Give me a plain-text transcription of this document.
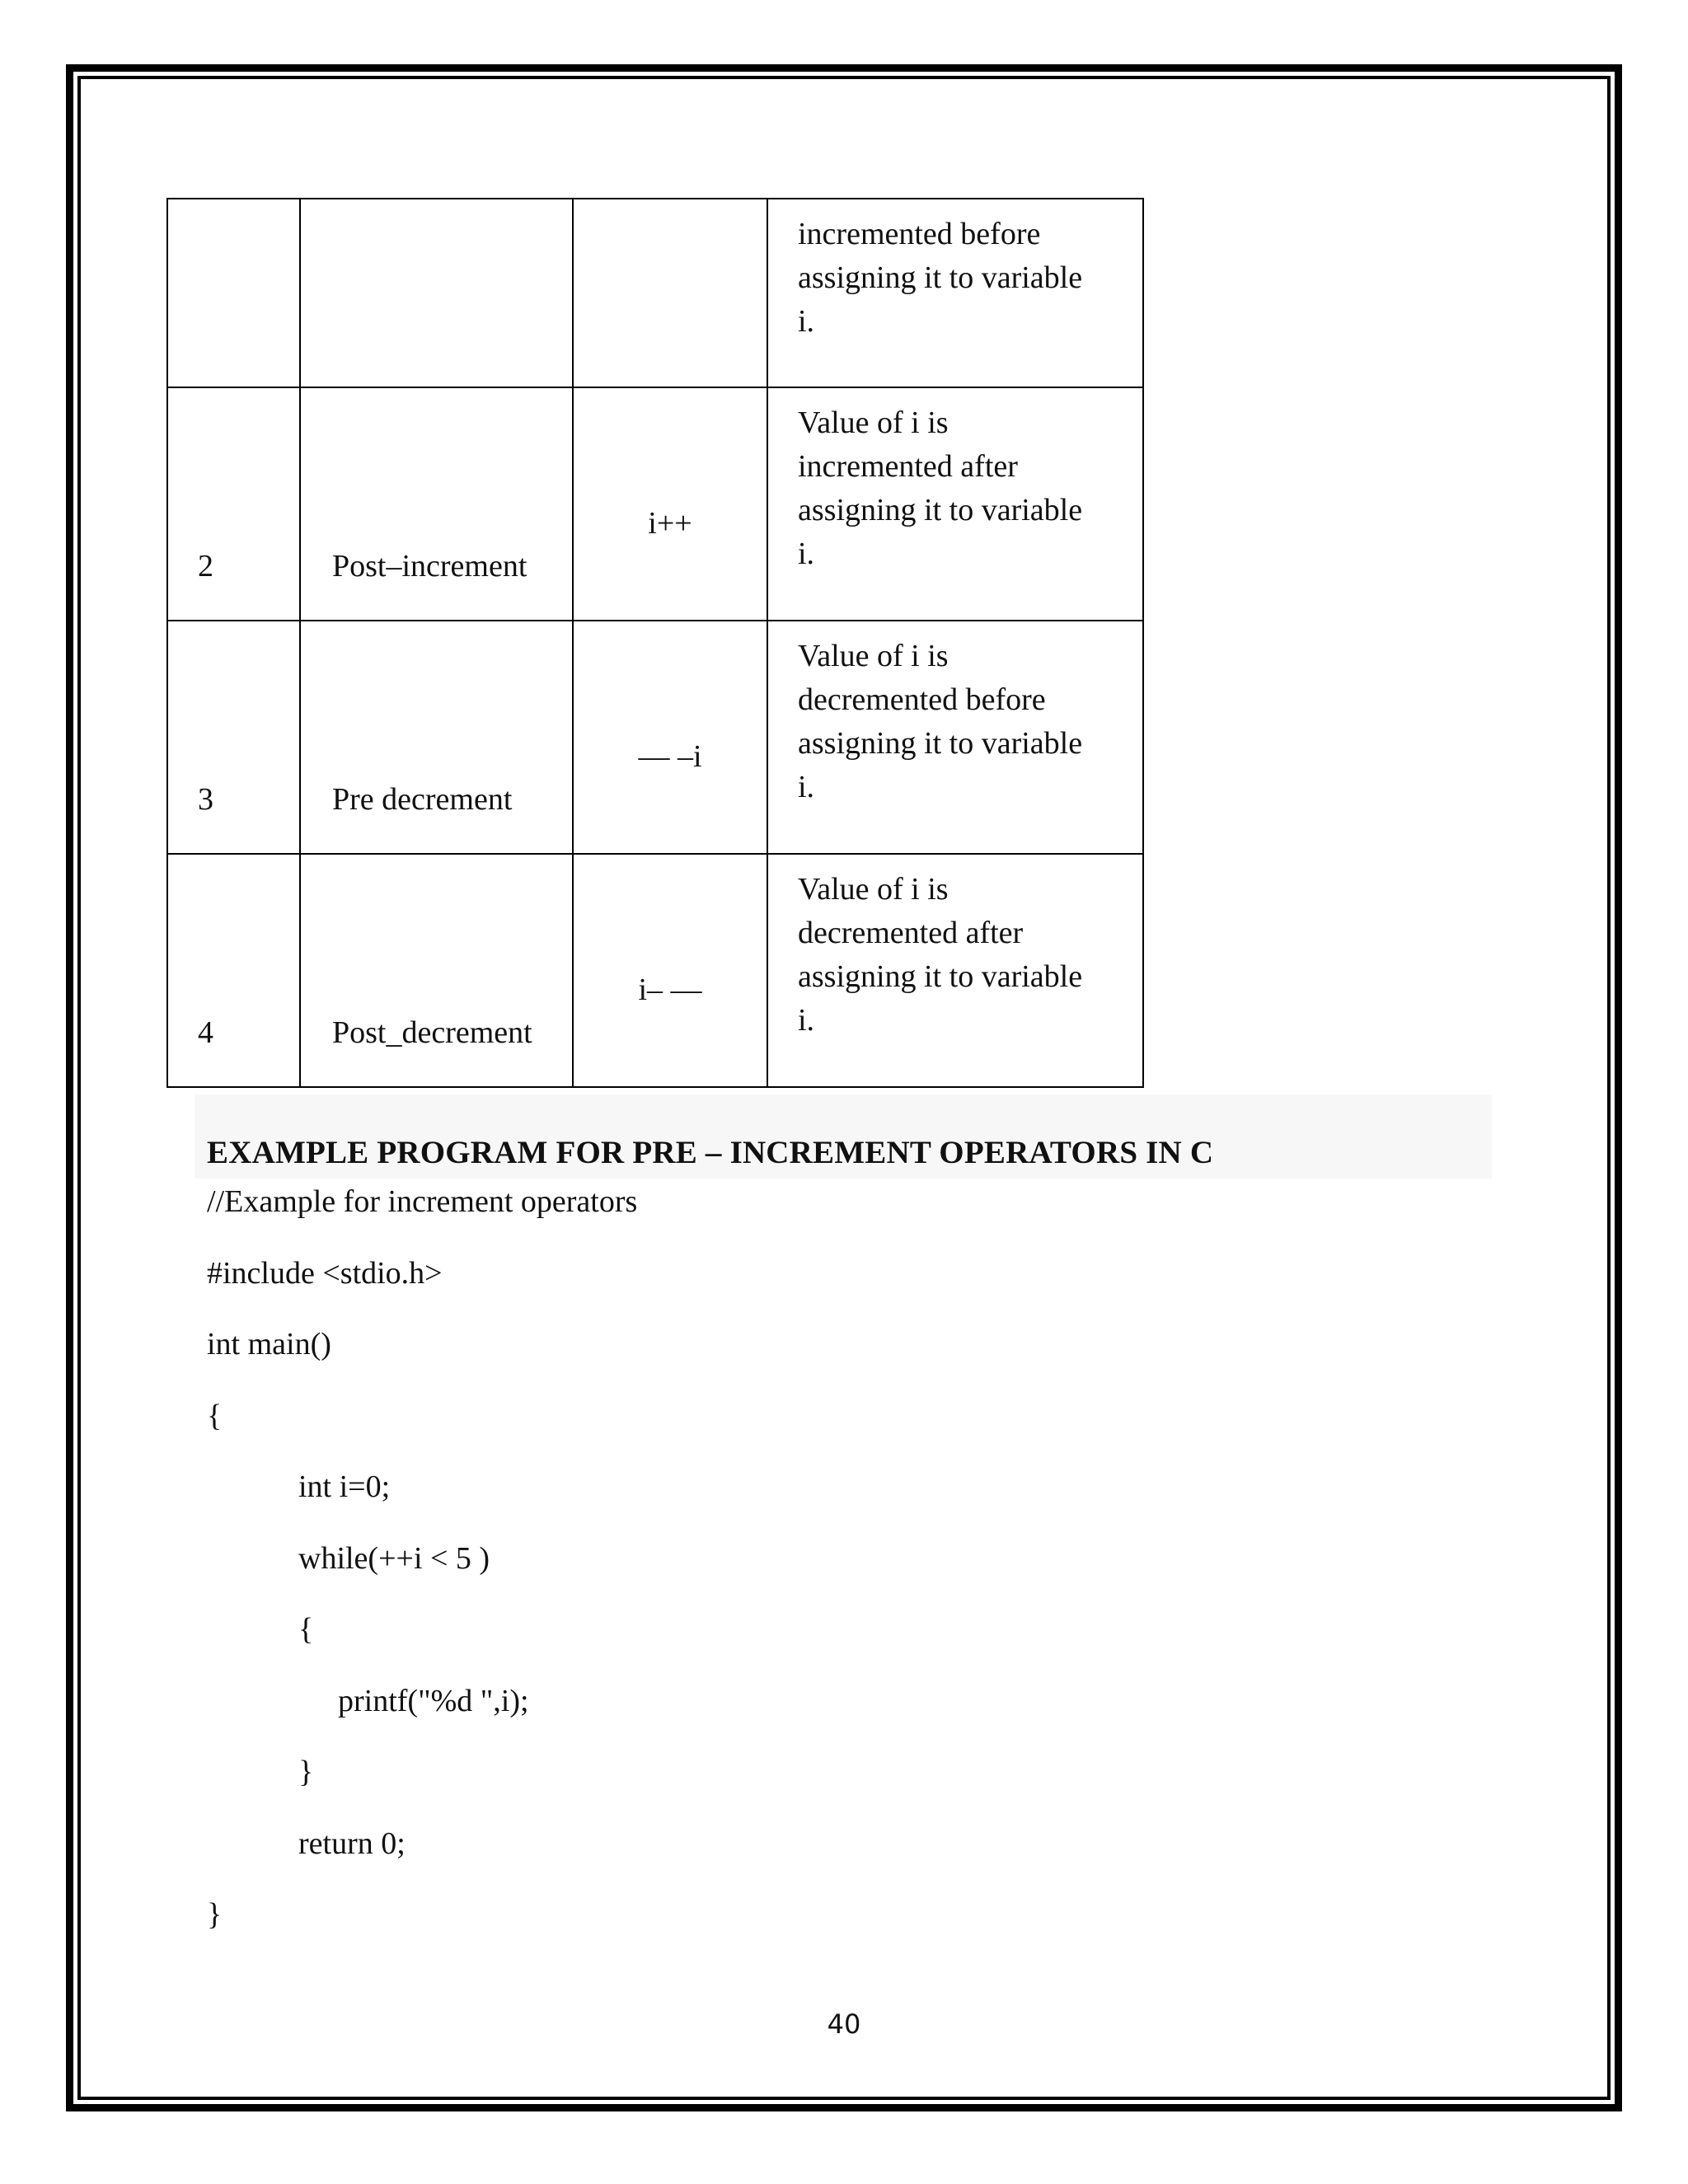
			incremented before
assigning it to variable
i.

2	Post–increment	i++	Value of i is
incremented after
assigning it to variable
i.

3	Pre decrement	— –i	Value of i is
decremented before
assigning it to variable
i.

4	Post_decrement	i– —	Value of i is
decremented after
assigning it to variable
i.
EXAMPLE PROGRAM FOR PRE – INCREMENT OPERATORS IN C
//Example for increment operators
#include <stdio.h>
int main()
{
int i=0;
while(++i < 5 )
{
printf("%d ",i);
}
return 0;
}
40
